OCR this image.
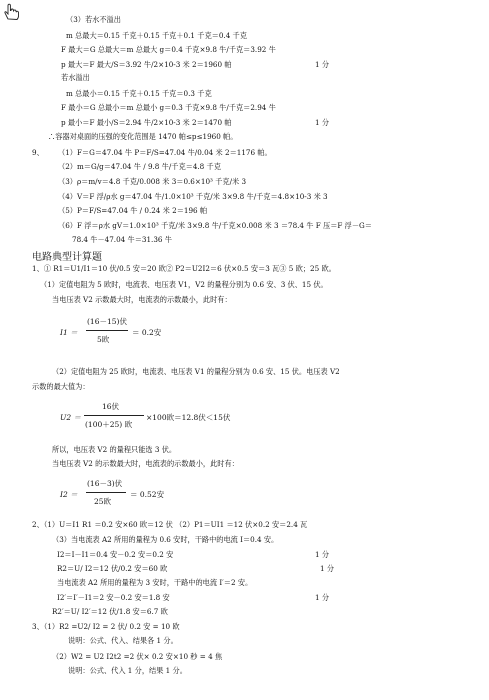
（3）若水不溢出
m 总最大＝0.15 千克＋0.15 千克＋0.1 千克＝0.4 千克
F 最大＝G 总最大＝m 总最大 g＝0.4 千克×9.8 牛/千克＝3.92 牛
p 最大＝F 最大/S＝3.92 牛/2×10-3 米 2＝1960 帕	1 分
若水溢出
m 总最小＝0.15 千克＋0.15 千克＝0.3 千克
F 最小＝G 总最小＝m 总最小 g＝0.3 千克×9.8 牛/千克＝2.94 牛
p 最小＝F 最小/S＝2.94 牛/2×10-3 米 2＝1470 帕	1 分
∴容器对桌面的压强的变化范围是 1470 帕≤p≤1960 帕。
9、 （1）F＝G＝47.04 牛 P＝F/S=47.04 牛/0.04 米 2＝1176 帕。
（2）m＝G/g＝47.04 牛 / 9.8 牛/千克＝4.8 千克
（3）ρ＝m/v＝4.8 千克/0.008 米 3＝0.6×10³ 千克/米 3
（4）V＝F 浮/ρ水 g＝47.04 牛/1.0×10³ 千克/米 3×9.8 牛/千克＝4.8×10-3 米 3
（5）P＝F/S=47.04 牛 / 0.24 米 2＝196 帕
（6）F 浮＝ρ水 gV＝1.0×10³ 千克/米 3×9.8 牛/千克×0.008 米 3 ＝78.4 牛 F 压＝F 浮－G＝
78.4 牛－47.04 牛＝31.36 牛
电路典型计算题
1、① R1＝U1/I1＝10 伏/0.5 安＝20 欧② P2＝U2I2＝6 伏×0.5 安＝3 瓦③ 5 欧；25 欧。
（1）定值电阻为 5 欧时，电流表、电压表 V1，V2 的量程分别为 0.6 安、3 伏、15 伏。
当电压表 V2 示数最大时，电流表的示数最小，此时有：
I1 ＝
(16－15)伏
5欧
＝ 0.2安
（2）定值电阻为 25 欧时，电流表、电压表 V1 的量程分别为 0.6 安、15 伏。电压表 V2
示数的最大值为：
U2 ＝
16伏
(100＋25) 欧
×100欧＝12.8伏＜15伏
所以，电压表 V2 的量程只能选 3 伏。
当电压表 V2 的示数最大时，电流表的示数最小，此时有：
I2 ＝
(16－3)伏
25欧
＝ 0.52安
2、（1）U＝I1 R1 ＝0.2 安×60 欧＝12 伏 （2）P1＝UI1 ＝12 伏×0.2 安＝2.4 瓦
（3）当电流表 A2 所用的量程为 0.6 安时，干路中的电流 I＝0.4 安。
I2＝I－I1＝0.4 安－0.2 安＝0.2 安	1 分
R2＝U/ I2＝12 伏/0.2 安＝60 欧	1 分
当电流表 A2 所用的量程为 3 安时，干路中的电流 I′＝2 安。
I2′＝I′－I1＝2 安－0.2 安＝1.8 安	1 分
R2′＝U/ I2′＝12 伏/1.8 安＝6.7 欧
3、（1）R2 =U2/ I2 = 2 伏/ 0.2 安 = 10 欧
说明：公式、代入、结果各 1 分。
（2）W2 = U2 I2t2 =2 伏× 0.2 安×10 秒 = 4 焦
说明：公式、代入 1 分，结果 1 分。
